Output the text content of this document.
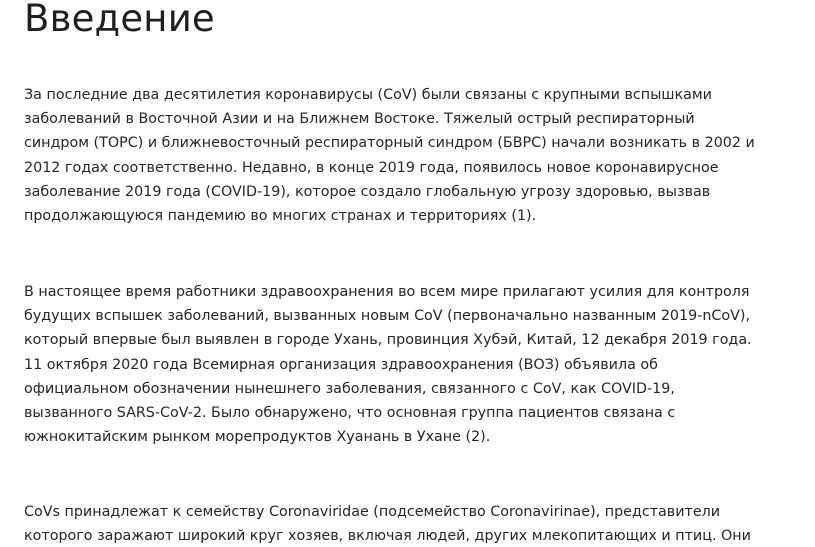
Введение

За последние два десятилетия коронавирусы (CoV) были связаны с крупными вспышками
заболеваний в Восточной Азии и на Ближнем Востоке. Тяжелый острый респираторный
синдром (ТОРС) и ближневосточный респираторный синдром (БВРС) начали возникать в 2002 и
2012 годах соответственно. Недавно, в конце 2019 года, появилось новое коронавирусное
заболевание 2019 года (COVID-19), которое создало глобальную угрозу здоровью, вызвав
продолжающуюся пандемию во многих странах и территориях (1).

В настоящее время работники здравоохранения во всем мире прилагают усилия для контроля
будущих вспышек заболеваний, вызванных новым CoV (первоначально названным 2019-nCoV),
который впервые был выявлен в городе Ухань, провинция Хубэй, Китай, 12 декабря 2019 года.
11 октября 2020 года Всемирная организация здравоохранения (ВОЗ) объявила об
официальном обозначении нынешнего заболевания, связанного с CoV, как COVID-19,
вызванного SARS-CoV-2. Было обнаружено, что основная группа пациентов связана с
южнокитайским рынком морепродуктов Хуанань в Ухане (2).

CoVs принадлежат к семейству Coronaviridae (подсемейство Coronavirinae), представители
которого заражают широкий круг хозяев, включая людей, других млекопитающих и птиц. Они
